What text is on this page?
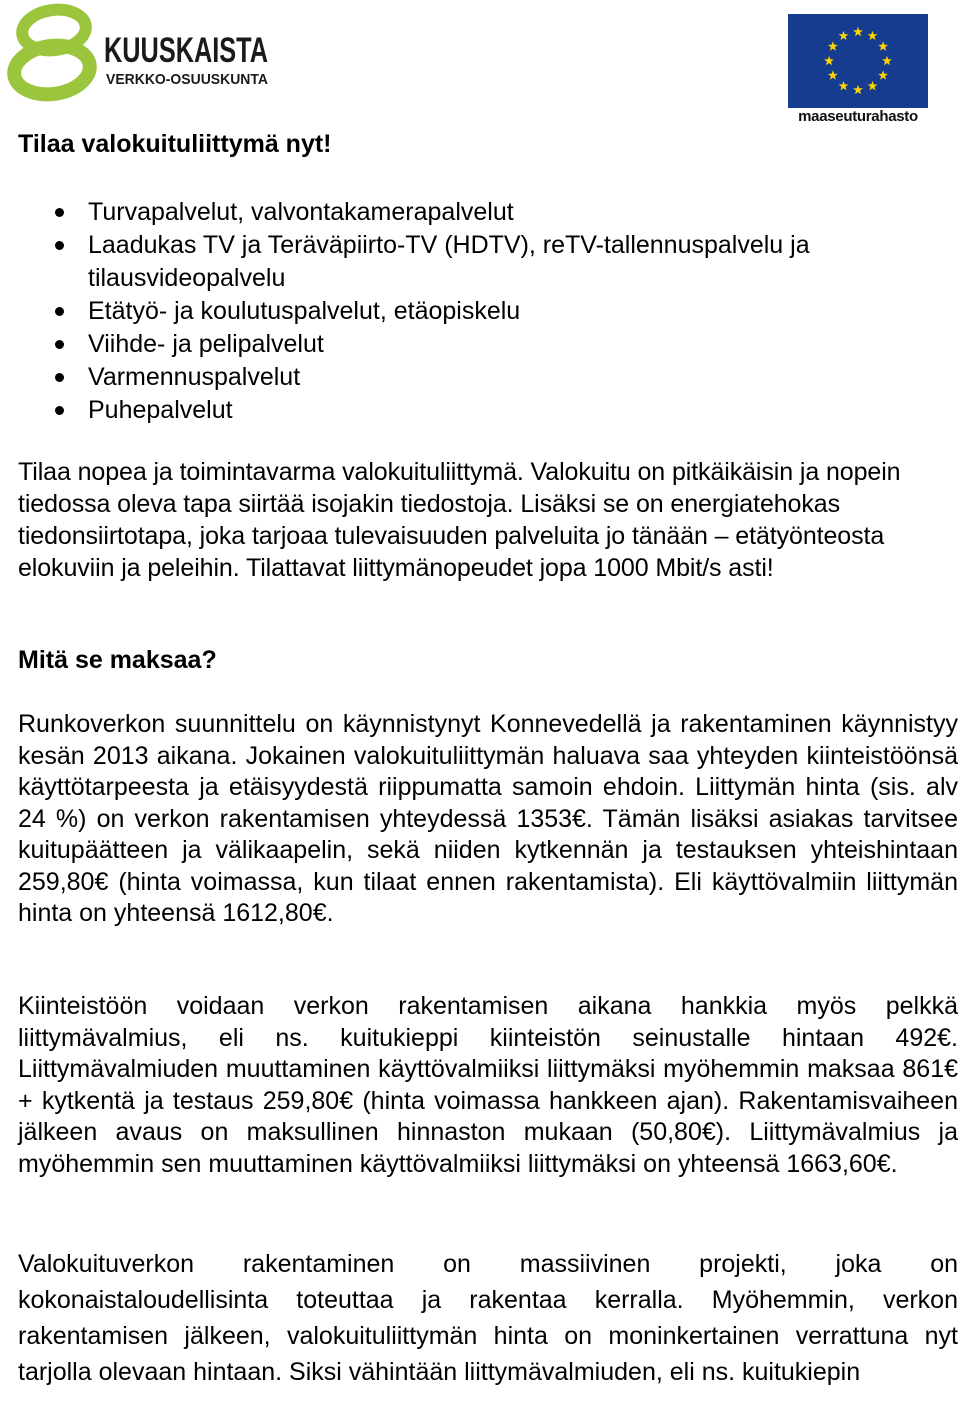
KUUSKAISTA
VERKKO-OSUUSKUNTA
maaseuturahasto
Tilaa valokuituliittymä nyt!
Turvapalvelut, valvontakamerapalvelut
Laadukas TV ja Teräväpiirto-TV (HDTV), reTV-tallennuspalvelu ja tilausvideopalvelu
Etätyö- ja koulutuspalvelut, etäopiskelu
Viihde- ja pelipalvelut
Varmennuspalvelut
Puhepalvelut

Tilaa nopea ja toimintavarma valokuituliittymä. Valokuitu on pitkäikäisin ja nopein tiedossa oleva tapa siirtää isojakin tiedostoja. Lisäksi se on energiatehokas tiedonsiirtotapa, joka tarjoaa tulevaisuuden palveluita jo tänään – etätyönteosta elokuviin ja peleihin. Tilattavat liittymänopeudet jopa 1000 Mbit/s asti!

Mitä se maksaa?

Runkoverkon suunnittelu on käynnistynyt Konnevedellä ja rakentaminen käynnistyy kesän 2013 aikana. Jokainen valokuituliittymän haluava saa yhteyden kiinteistöönsä käyttötarpeesta ja etäisyydestä riippumatta samoin ehdoin. Liittymän hinta (sis. alv 24 %) on verkon rakentamisen yhteydessä 1353€. Tämän lisäksi asiakas tarvitsee kuitupäätteen ja välikaapelin, sekä niiden kytkennän ja testauksen yhteishintaan 259,80€ (hinta voimassa, kun tilaat ennen rakentamista). Eli käyttövalmiin liittymän hinta on yhteensä 1612,80€.

Kiinteistöön voidaan verkon rakentamisen aikana hankkia myös pelkkä liittymävalmius, eli ns. kuitukieppi kiinteistön seinustalle hintaan 492€. Liittymävalmiuden muuttaminen käyttövalmiiksi liittymäksi myöhemmin maksaa 861€ + kytkentä ja testaus 259,80€ (hinta voimassa hankkeen ajan). Rakentamisvaiheen jälkeen avaus on maksullinen hinnaston mukaan (50,80€). Liittymävalmius ja myöhemmin sen muuttaminen käyttövalmiiksi liittymäksi on yhteensä 1663,60€.

Valokuituverkon rakentaminen on massiivinen projekti, joka on kokonaistaloudellisinta toteuttaa ja rakentaa kerralla. Myöhemmin, verkon rakentamisen jälkeen, valokuituliittymän hinta on moninkertainen verrattuna nyt tarjolla olevaan hintaan. Siksi vähintään liittymävalmiuden, eli ns. kuitukiepin
